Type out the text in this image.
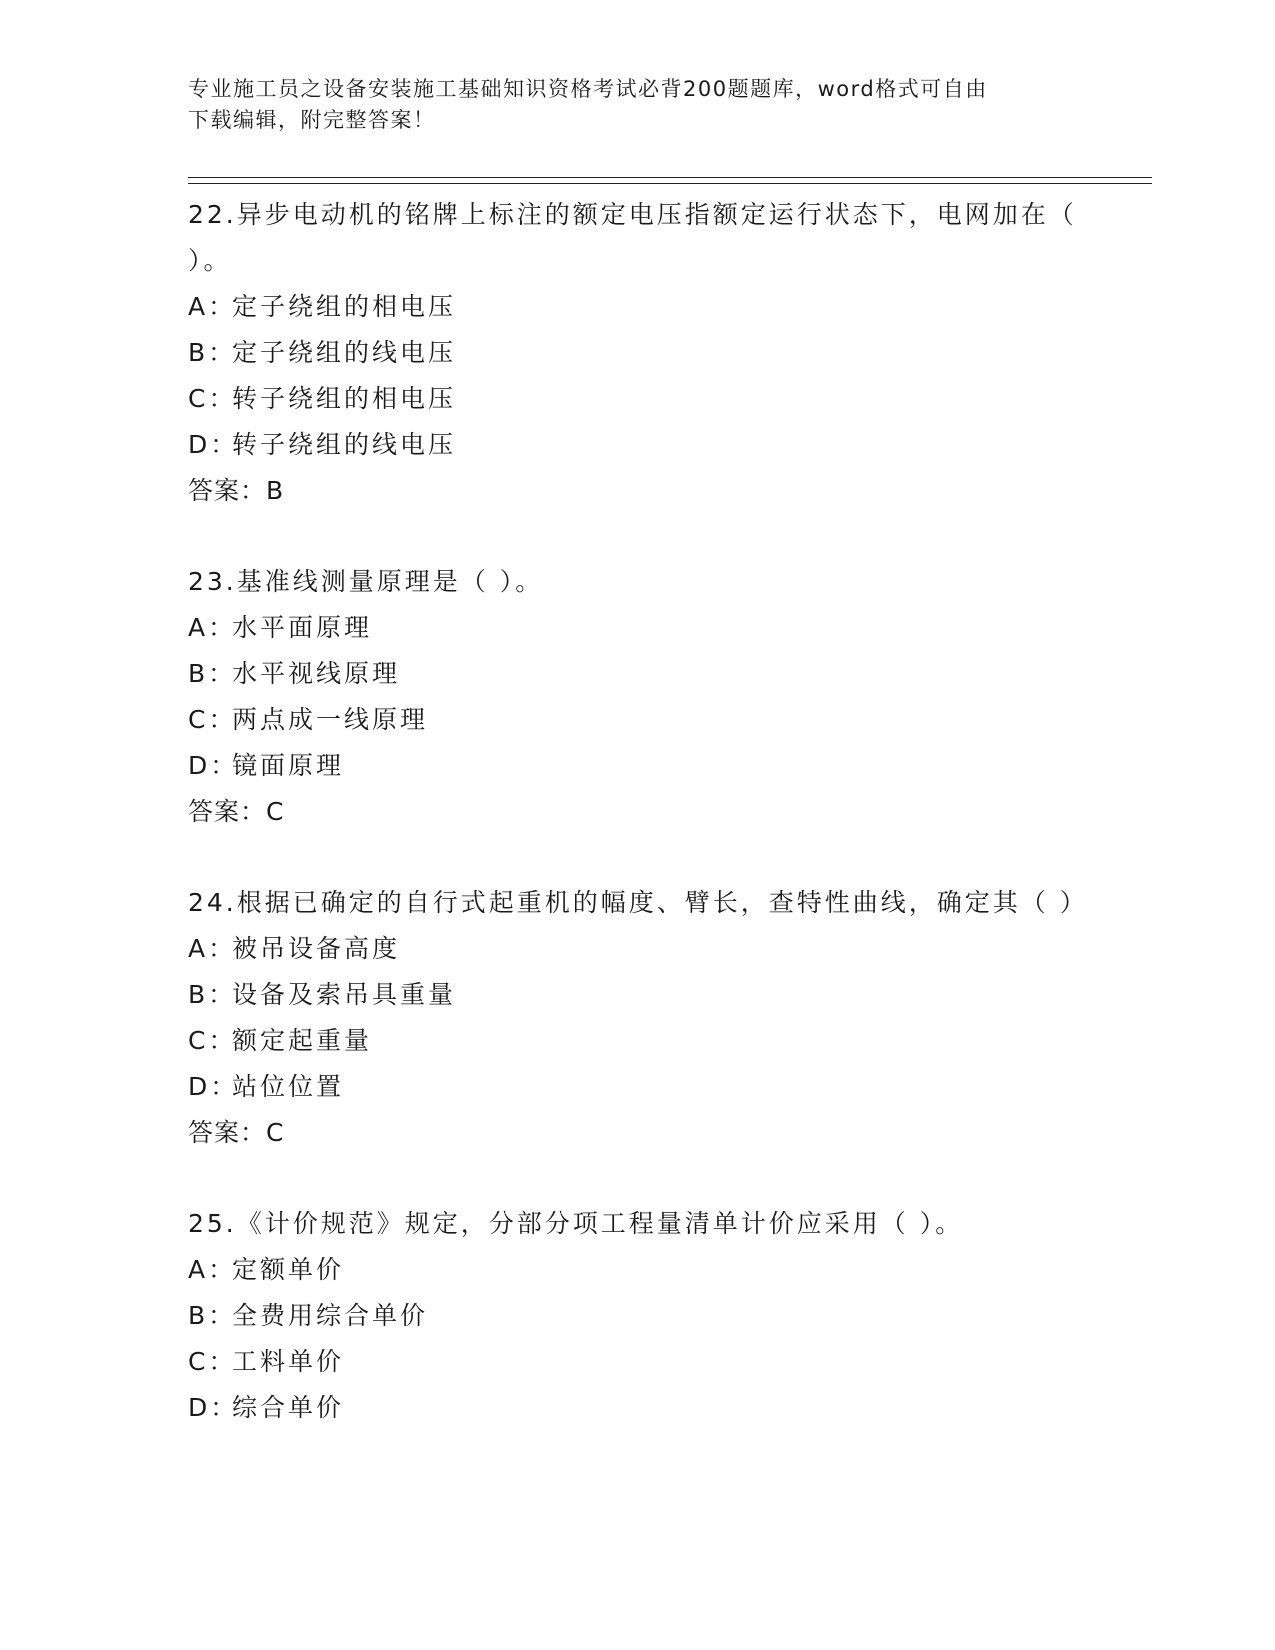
专业施工员之设备安装施工基础知识资格考试必背200题题库，word格式可自由
下载编辑，附完整答案！

22.异步电动机的铭牌上标注的额定电压指额定运行状态下，电网加在（ ）。

A：定子绕组的相电压

B：定子绕组的线电压

C：转子绕组的相电压

D：转子绕组的线电压

答案：B

23.基准线测量原理是（ ）。

A：水平面原理

B：水平视线原理

C：两点成一线原理

D：镜面原理

答案：C

24.根据已确定的自行式起重机的幅度、臂长，查特性曲线，确定其（ ）

A：被吊设备高度

B：设备及索吊具重量

C：额定起重量

D：站位位置

答案：C

25.《计价规范》规定，分部分项工程量清单计价应采用（ ）。

A：定额单价

B：全费用综合单价

C：工料单价

D：综合单价
